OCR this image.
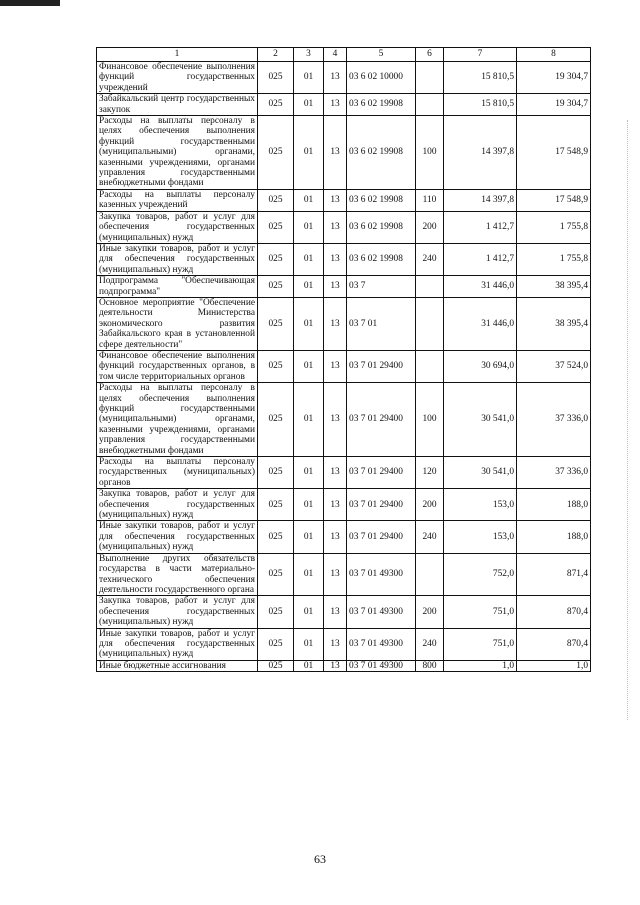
1	2	3	4	5	6	7	8
Финансовое обеспечение выполнения функций государственных учреждений	025	01	13	03 6 02 10000		15 810,5	19 304,7
Забайкальский центр государственных закупок	025	01	13	03 6 02 19908		15 810,5	19 304,7
Расходы на выплаты персоналу в целях обеспечения выполнения функций государственными (муниципальными) органами, казенными учреждениями, органами управления государственными внебюджетными фондами	025	01	13	03 6 02 19908	100	14 397,8	17 548,9
Расходы на выплаты персоналу казенных учреждений	025	01	13	03 6 02 19908	110	14 397,8	17 548,9
Закупка товаров, работ и услуг для обеспечения государственных (муниципальных) нужд	025	01	13	03 6 02 19908	200	1 412,7	1 755,8
Иные закупки товаров, работ и услуг для обеспечения государственных (муниципальных) нужд	025	01	13	03 6 02 19908	240	1 412,7	1 755,8
Подпрограмма "Обеспечивающая подпрограмма"	025	01	13	03 7		31 446,0	38 395,4
Основное мероприятие "Обеспечение деятельности Министерства экономического развития Забайкальского края в установленной сфере деятельности"	025	01	13	03 7 01		31 446,0	38 395,4
Финансовое обеспечение выполнения функций государственных органов, в том числе территориальных органов	025	01	13	03 7 01 29400		30 694,0	37 524,0
Расходы на выплаты персоналу в целях обеспечения выполнения функций государственными (муниципальными) органами, казенными учреждениями, органами управления государственными внебюджетными фондами	025	01	13	03 7 01 29400	100	30 541,0	37 336,0
Расходы на выплаты персоналу государственных (муниципальных) органов	025	01	13	03 7 01 29400	120	30 541,0	37 336,0
Закупка товаров, работ и услуг для обеспечения государственных (муниципальных) нужд	025	01	13	03 7 01 29400	200	153,0	188,0
Иные закупки товаров, работ и услуг для обеспечения государственных (муниципальных) нужд	025	01	13	03 7 01 29400	240	153,0	188,0
Выполнение других обязательств государства в части материально-технического обеспечения деятельности государственного органа	025	01	13	03 7 01 49300		752,0	871,4
Закупка товаров, работ и услуг для обеспечения государственных (муниципальных) нужд	025	01	13	03 7 01 49300	200	751,0	870,4
Иные закупки товаров, работ и услуг для обеспечения государственных (муниципальных) нужд	025	01	13	03 7 01 49300	240	751,0	870,4
Иные бюджетные ассигнования	025	01	13	03 7 01 49300	800	1,0	1,0
63
